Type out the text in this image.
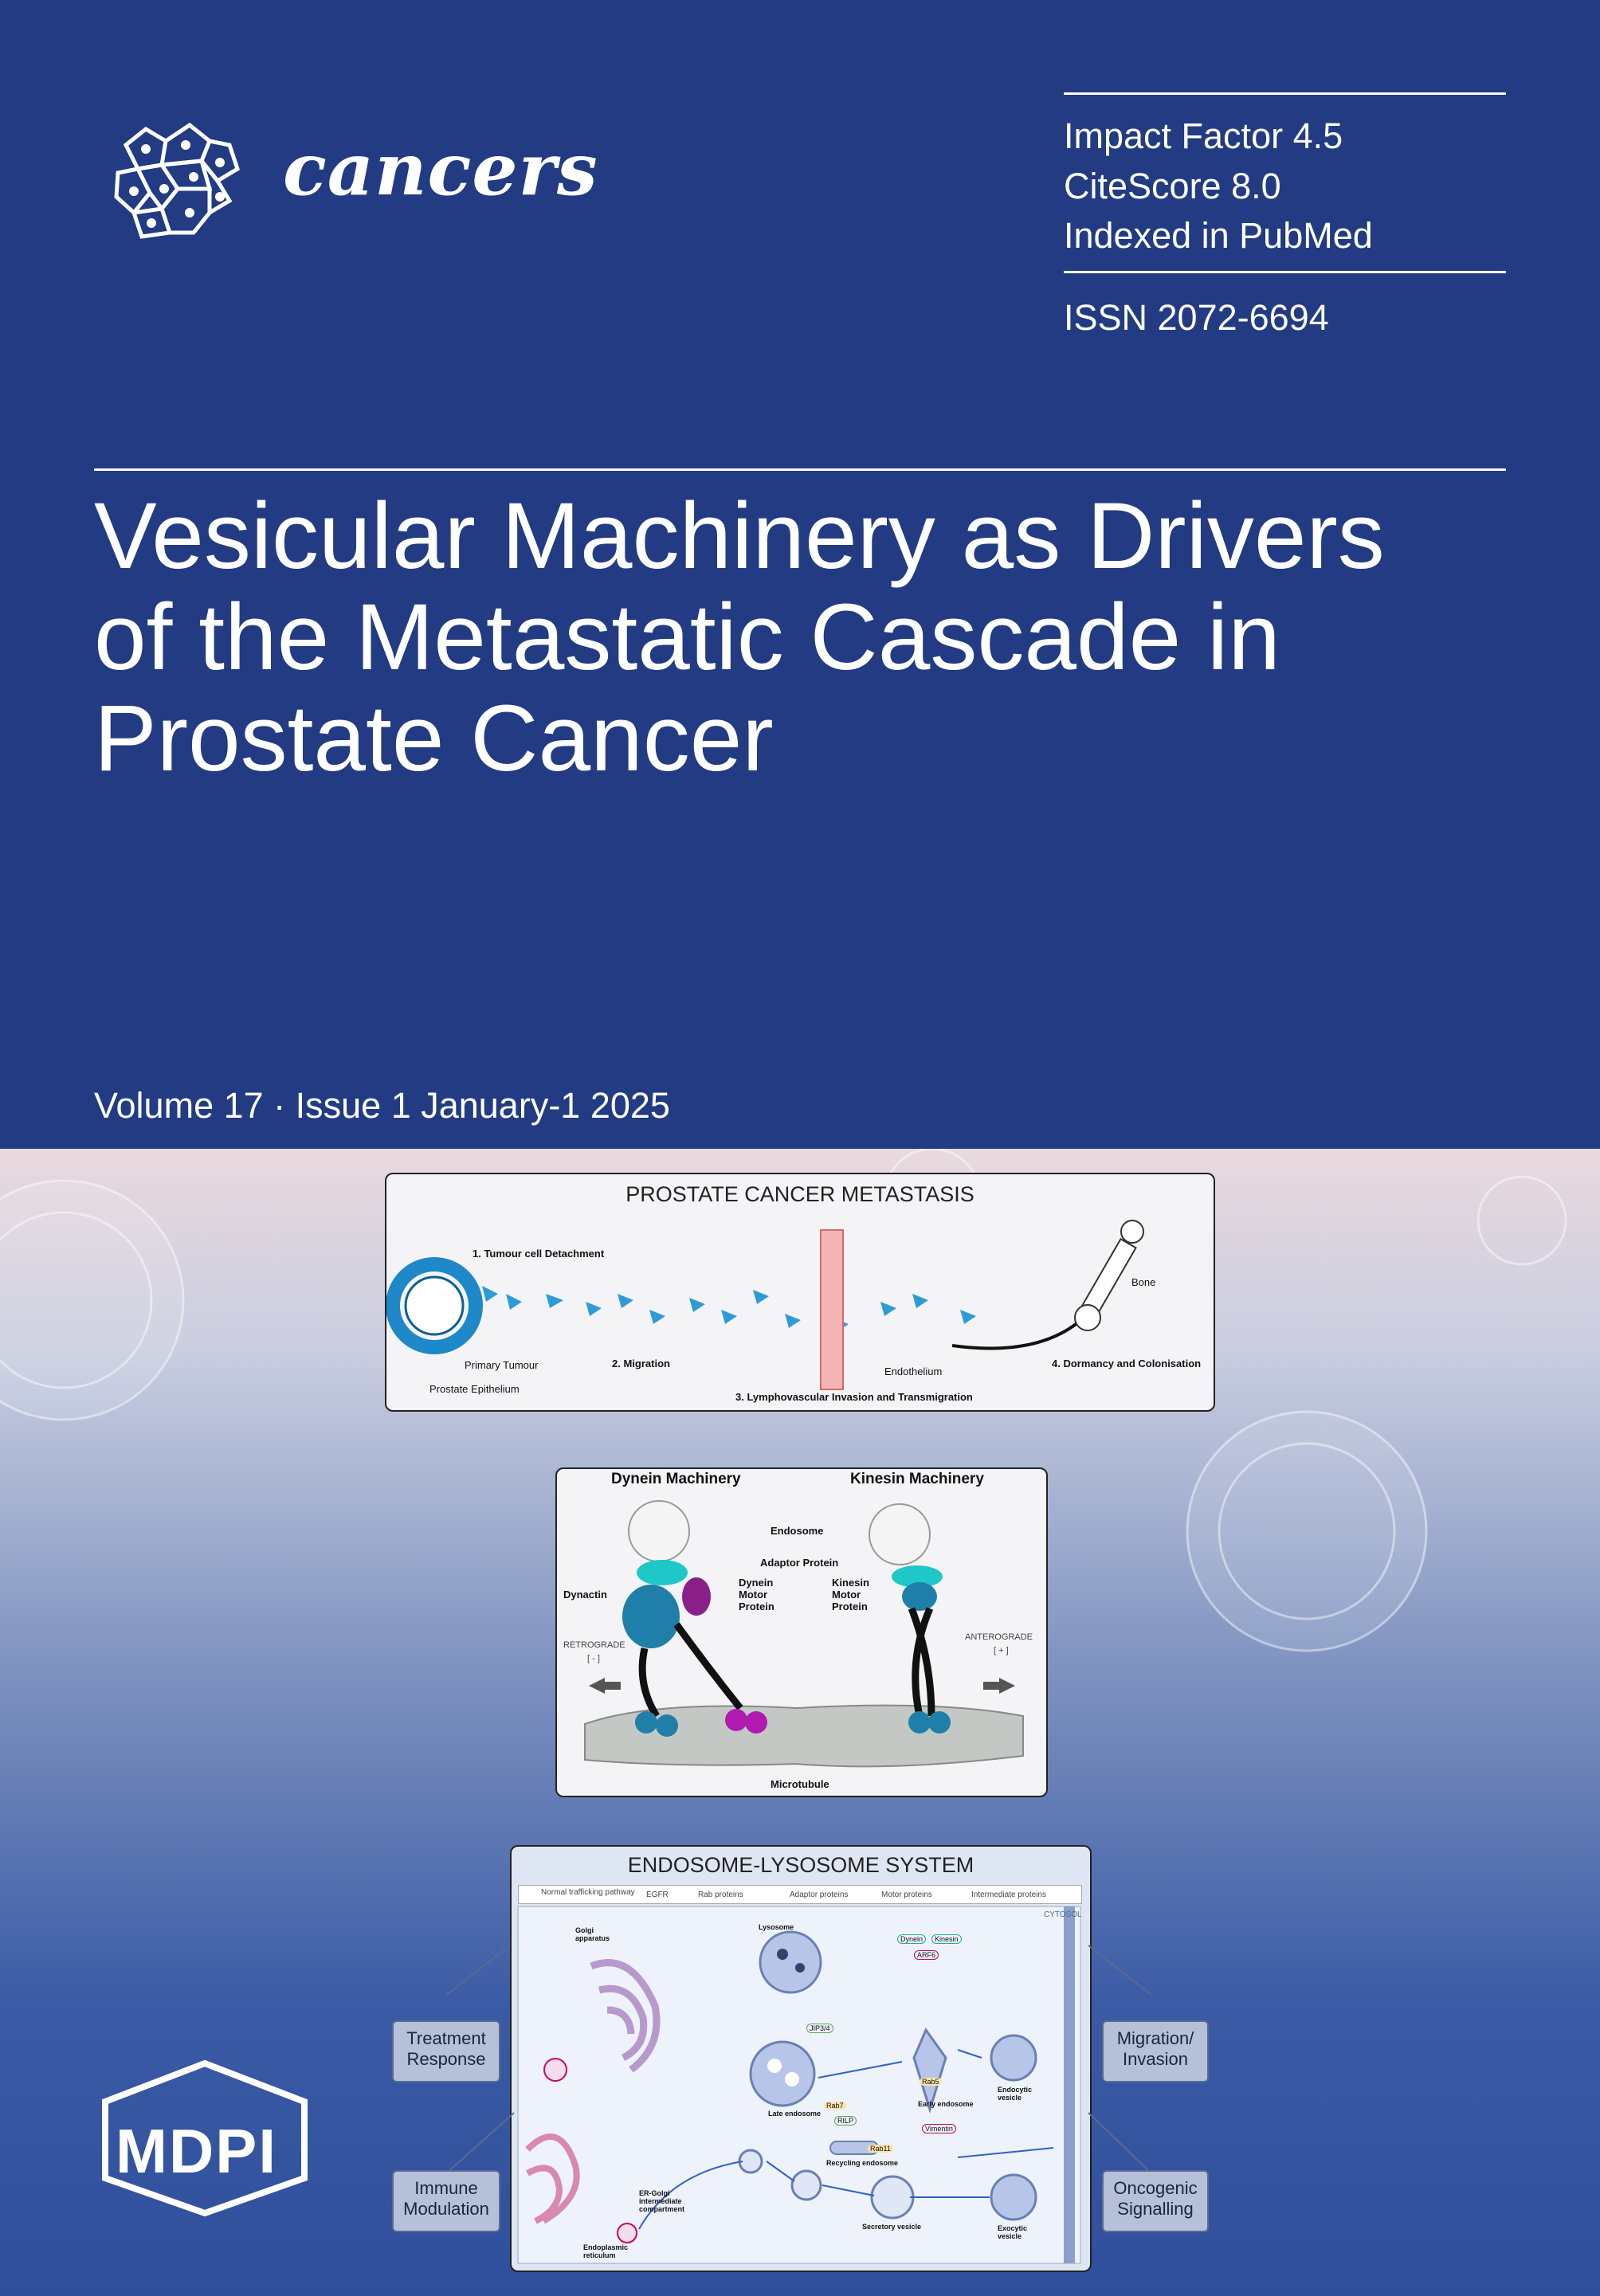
cancers	Impact Factor 4.5
CiteScore 8.0
Indexed in PubMed
ISSN 2072-6694
Vesicular Machinery as Drivers
of the Metastatic Cascade in
Prostate Cancer
Volume 17 · Issue 1 January-1 2025
PROSTATE CANCER METASTASIS
1. Tumour cell Detachment
Primary Tumour
Prostate Epithelium
2. Migration
Endothelium
3. Lymphovascular Invasion and Transmigration
Bone
4. Dormancy and Colonisation
Dynein Machinery	Kinesin Machinery
Endosome
Adaptor Protein
Dynactin
Dynein Motor Protein
Kinesin Motor Protein
RETROGRADE
[ - ]
ANTEROGRADE
[ + ]
Microtubule
ENDOSOME-LYSOSOME SYSTEM
Normal trafficking pathway EGFR	Rab proteins	Adaptor proteins	Motor proteins	Intermediate proteins
CYTOSOL
Golgi apparatus
Lysosome
Late endosome
Early endosome
Endocytic vesicle
Recycling endosome
ER-Golgi intermediate compartment
Endoplasmic reticulum
Secretory vesicle	Exocytic vesicle
Dynein	Kinesin
ARF6
Rab5
JIP3/4
Rab7
RILP
Vimentin
Rab11
Treatment Response
Immune Modulation
Migration/ Invasion
Oncogenic Signalling
MDPI
